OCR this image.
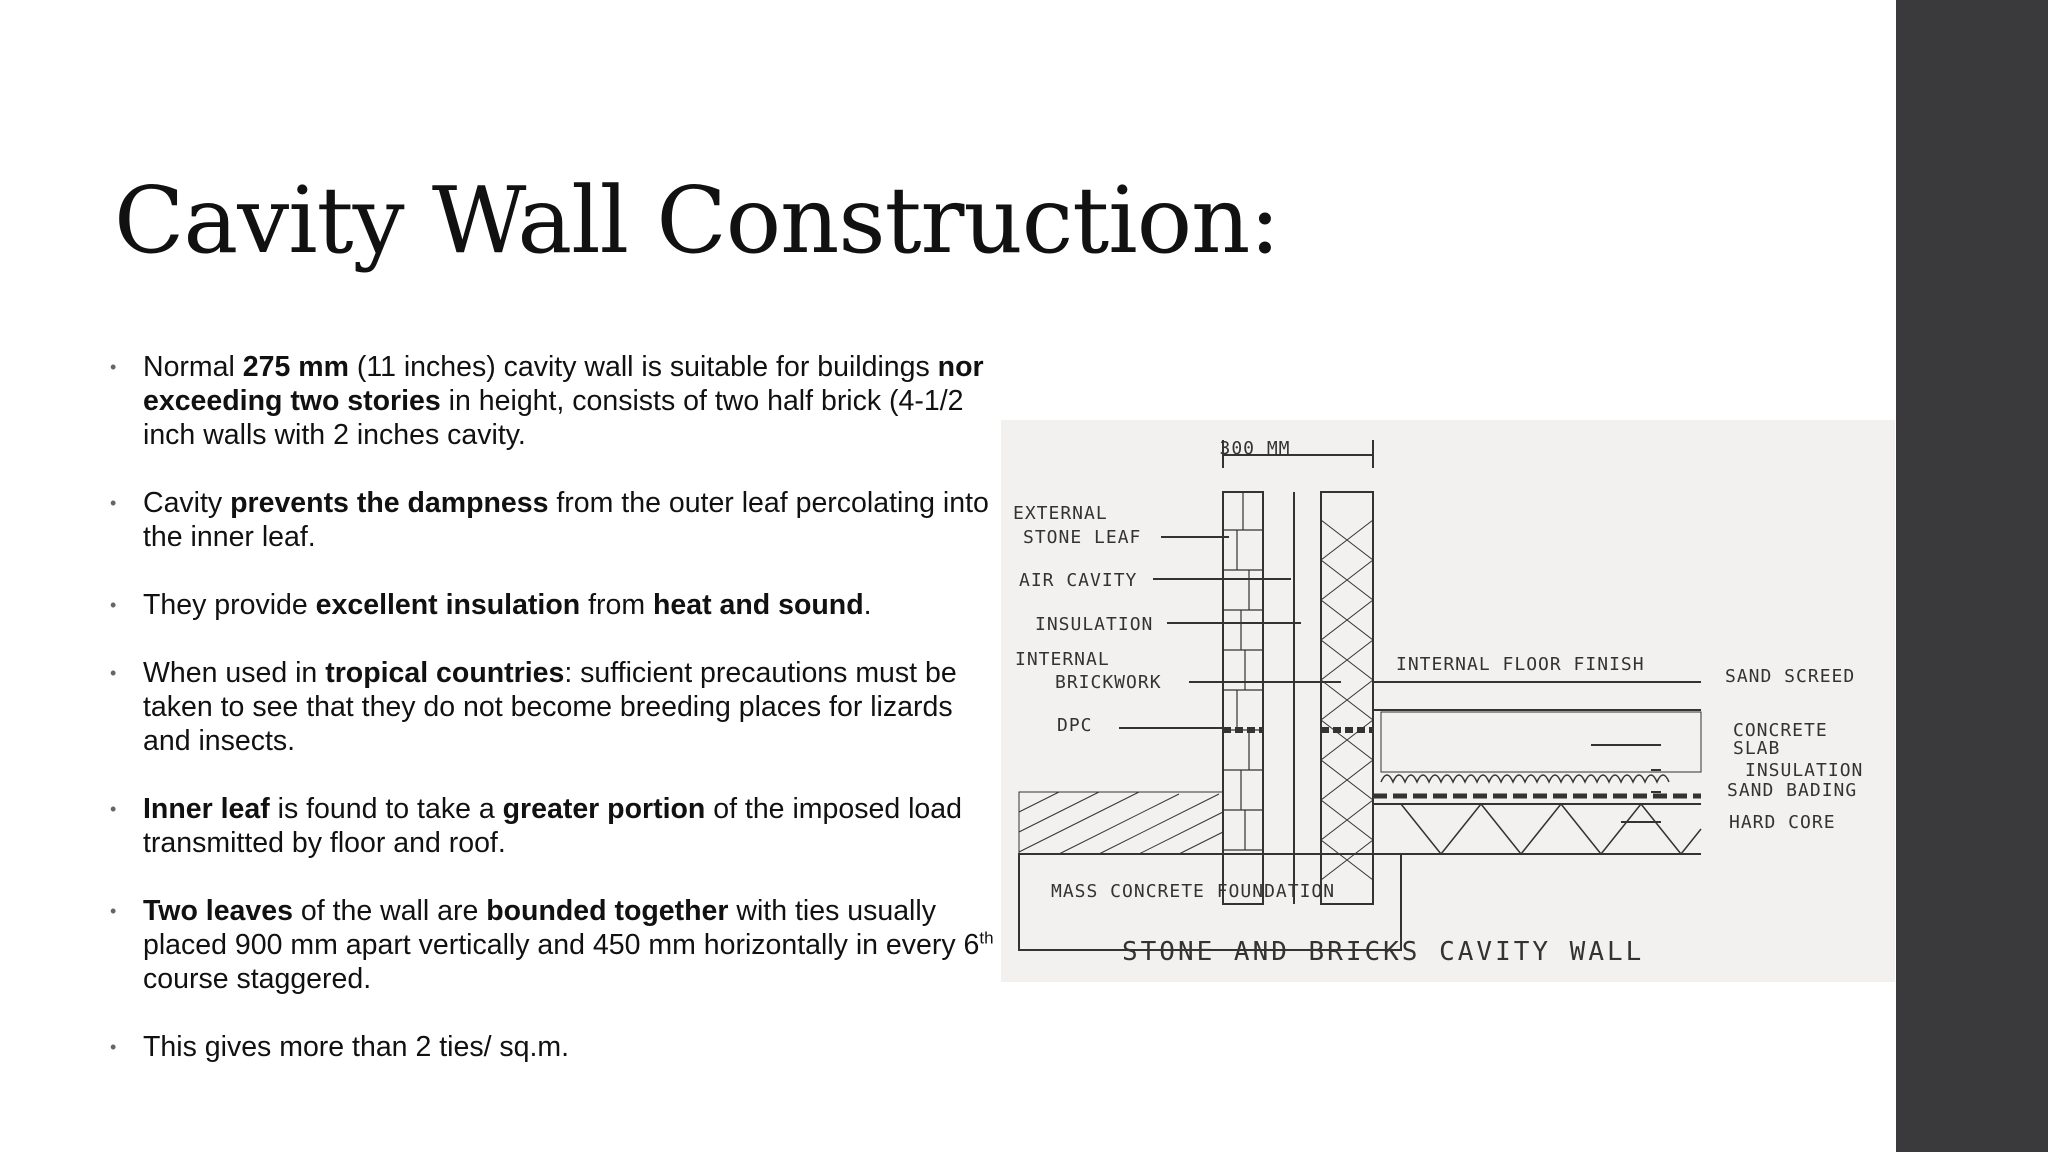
Cavity Wall Construction:
• Normal 275 mm (11 inches) cavity wall is suitable for buildings nor exceeding two stories in height, consists of two half brick (4-1/2 inch walls with 2 inches cavity.
• Cavity prevents the dampness from the outer leaf percolating into the inner leaf.
• They provide excellent insulation from heat and sound.
• When used in tropical countries: sufficient precautions must be taken to see that they do not become breeding places for lizards and insects.
• Inner leaf is found to take a greater portion of the imposed load transmitted by floor and roof.
• Two leaves of the wall are bounded together with ties usually placed 900 mm apart vertically and 450 mm horizontally in every 6th course staggered.
• This gives more than 2 ties/ sq.m.
300 MM
EXTERNAL
STONE LEAF
AIR CAVITY
INSULATION
INTERNAL
BRICKWORK
DPC
INTERNAL FLOOR FINISH
SAND SCREED
CONCRETE
SLAB
INSULATION
SAND BADING
HARD CORE
MASS CONCRETE FOUNDATION
STONE AND BRICKS CAVITY WALL
